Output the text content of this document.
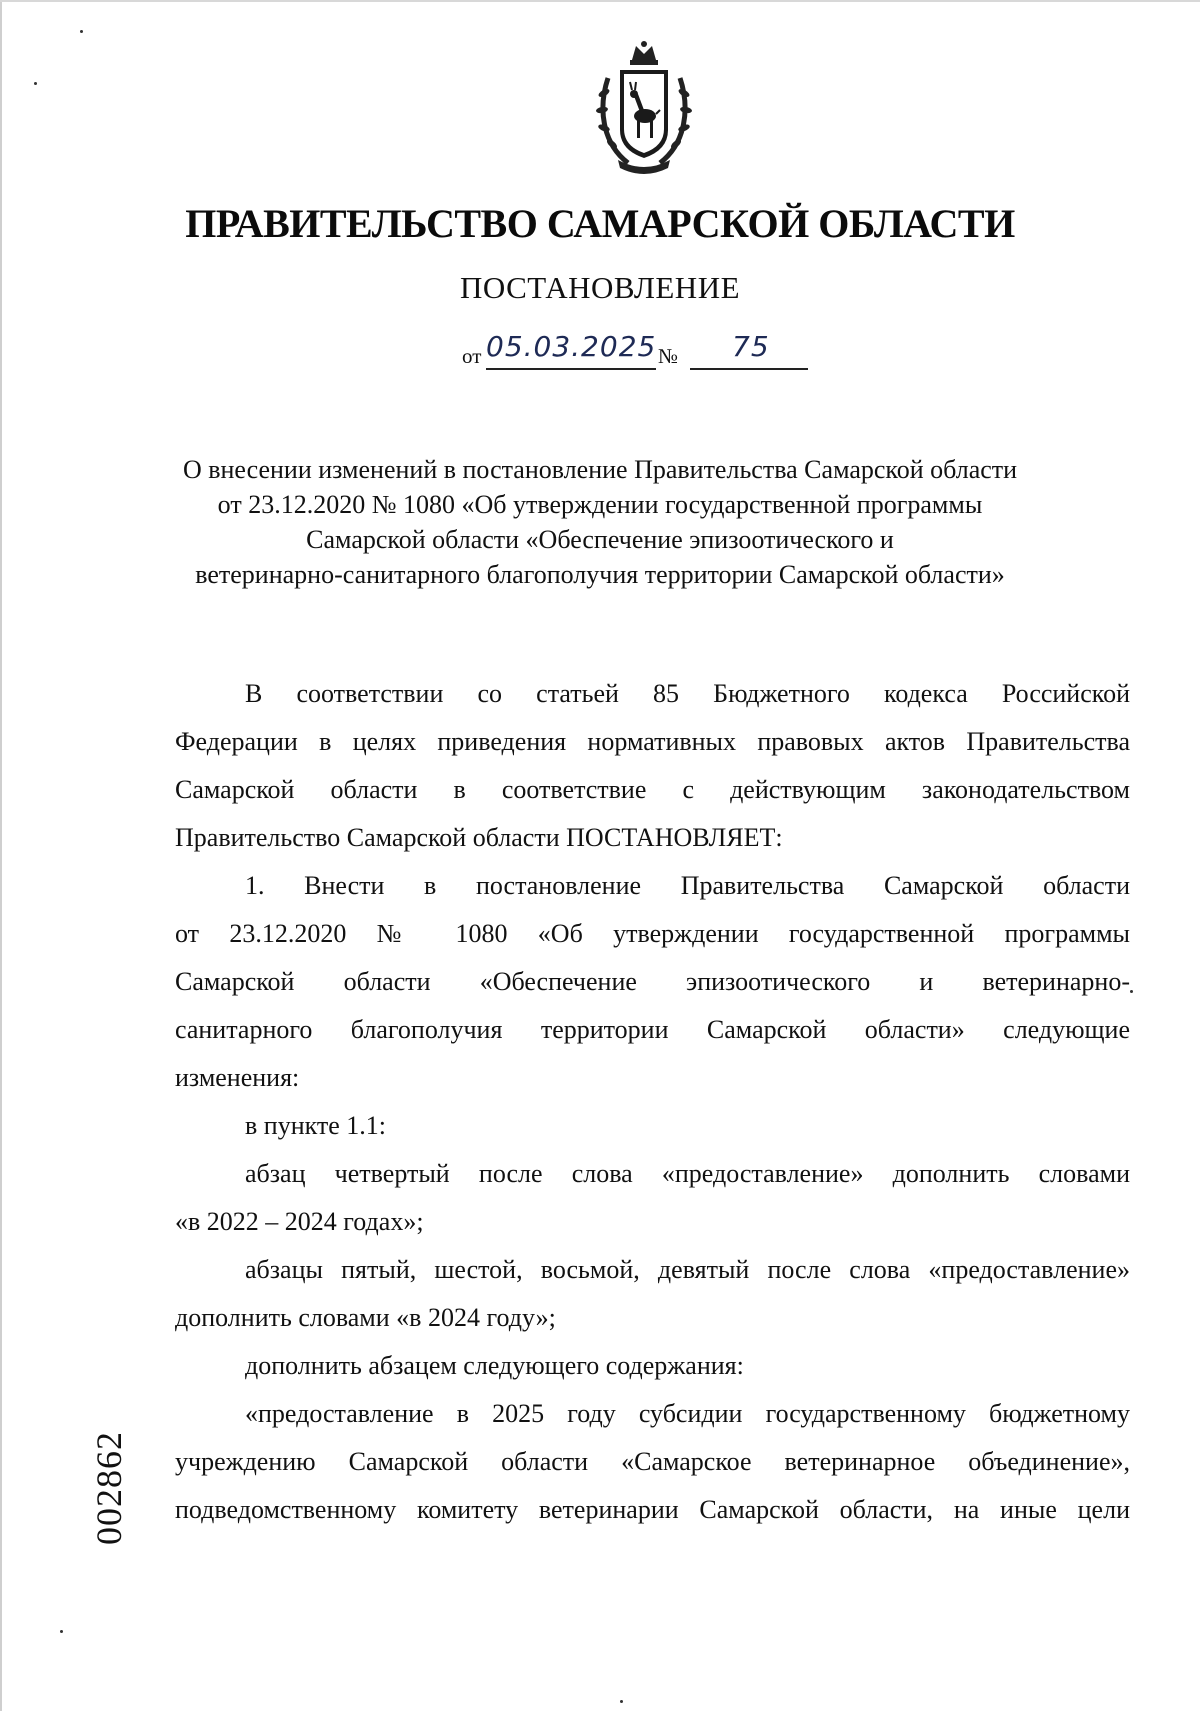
ПРАВИТЕЛЬСТВО САМАРСКОЙ ОБЛАСТИ
ПОСТАНОВЛЕНИЕ
от 05.03.2025 № 75
О внесении изменений в постановление Правительства Самарской области
от 23.12.2020 № 1080 «Об утверждении государственной программы
Самарской области «Обеспечение эпизоотического и
ветеринарно-санитарного благополучия территории Самарской области»
В соответствии со статьей 85 Бюджетного кодекса Российской
Федерации в целях приведения нормативных правовых актов Правительства
Самарской области в соответствие с действующим законодательством
Правительство Самарской области ПОСТАНОВЛЯЕТ:
1. Внести в постановление Правительства Самарской области
от 23.12.2020 № 1080 «Об утверждении государственной программы
Самарской области «Обеспечение эпизоотического и ветеринарно-
санитарного благополучия территории Самарской области» следующие
изменения:
в пункте 1.1:
абзац четвертый после слова «предоставление» дополнить словами
«в 2022 – 2024 годах»;
абзацы пятый, шестой, восьмой, девятый после слова «предоставление»
дополнить словами «в 2024 году»;
дополнить абзацем следующего содержания:
«предоставление в 2025 году субсидии государственному бюджетному
учреждению Самарской области «Самарское ветеринарное объединение»,
подведомственному комитету ветеринарии Самарской области, на иные цели
002862
